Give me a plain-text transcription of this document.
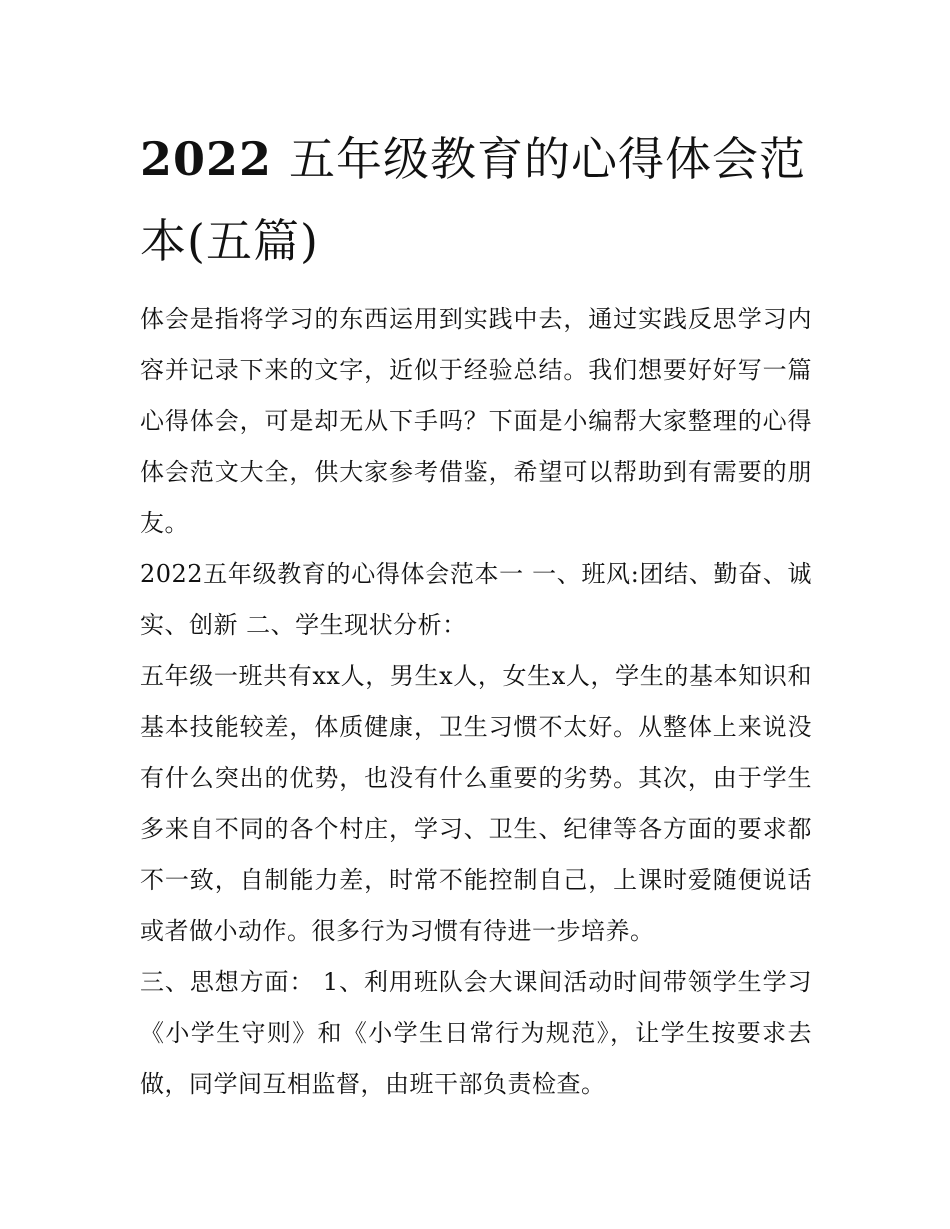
2022 五年级教育的心得体会范本(五篇)

体会是指将学习的东西运用到实践中去，通过实践反思学习内容并记录下来的文字，近似于经验总结。我们想要好好写一篇心得体会，可是却无从下手吗？下面是小编帮大家整理的心得体会范文大全，供大家参考借鉴，希望可以帮助到有需要的朋友。

2022五年级教育的心得体会范本一 一、班风:团结、勤奋、诚实、创新 二、学生现状分析：

五年级一班共有xx人，男生x人，女生x人，学生的基本知识和基本技能较差，体质健康，卫生习惯不太好。从整体上来说没有什么突出的优势，也没有什么重要的劣势。其次，由于学生多来自不同的各个村庄，学习、卫生、纪律等各方面的要求都不一致，自制能力差，时常不能控制自己，上课时爱随便说话或者做小动作。很多行为习惯有待进一步培养。

三、思想方面： 1、利用班队会大课间活动时间带领学生学习《小学生守则》和《小学生日常行为规范》，让学生按要求去做，同学间互相监督，由班干部负责检查。
